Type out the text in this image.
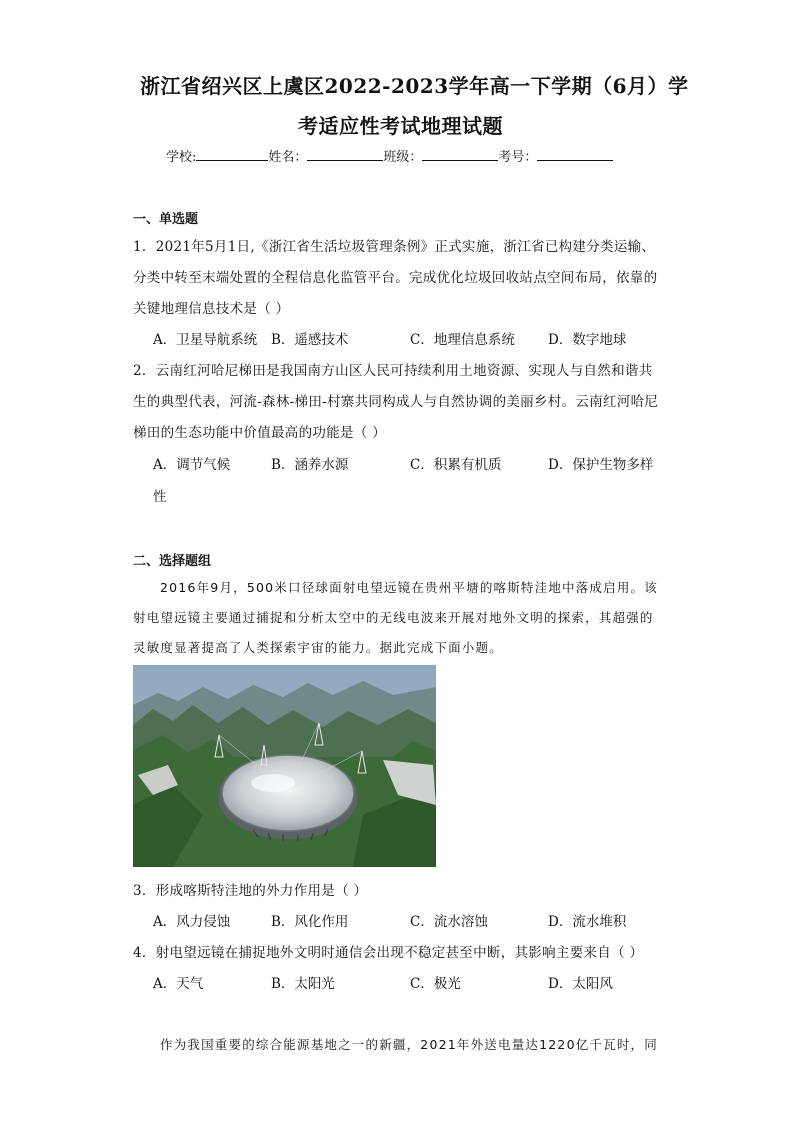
浙江省绍兴区上虞区2022-2023学年高一下学期（6月）学
考适应性考试地理试题
学校:	姓名：	班级：	考号：
一、单选题
1．2021年5月1日,《浙江省生活垃圾管理条例》正式实施，浙江省已构建分类运输、
分类中转至末端处置的全程信息化监管平台。完成优化垃圾回收站点空间布局，依靠的
关键地理信息技术是（ ）
A．卫星导航系统 B．遥感技术	C．地理信息系统 D．数字地球
2．云南红河哈尼梯田是我国南方山区人民可持续利用土地资源、实现人与自然和谐共
生的典型代表，河流-森林-梯田-村寨共同构成人与自然协调的美丽乡村。云南红河哈尼
梯田的生态功能中价值最高的功能是（ ）
A．调节气候	B．涵养水源	C．积累有机质	D．保护生物多样
性
二、选择题组
2016年9月，500米口径球面射电望远镜在贵州平塘的喀斯特洼地中落成启用。该
射电望远镜主要通过捕捉和分析太空中的无线电波来开展对地外文明的探索，其超强的
灵敏度显著提高了人类探索宇宙的能力。据此完成下面小题。
3．形成喀斯特洼地的外力作用是（ ）
A．风力侵蚀	B．风化作用	C．流水溶蚀	D．流水堆积
4．射电望远镜在捕捉地外文明时通信会出现不稳定甚至中断，其影响主要来自（ ）
A．天气	B．太阳光	C．极光	D．太阳风
作为我国重要的综合能源基地之一的新疆，2021年外送电量达1220亿千瓦时，同
